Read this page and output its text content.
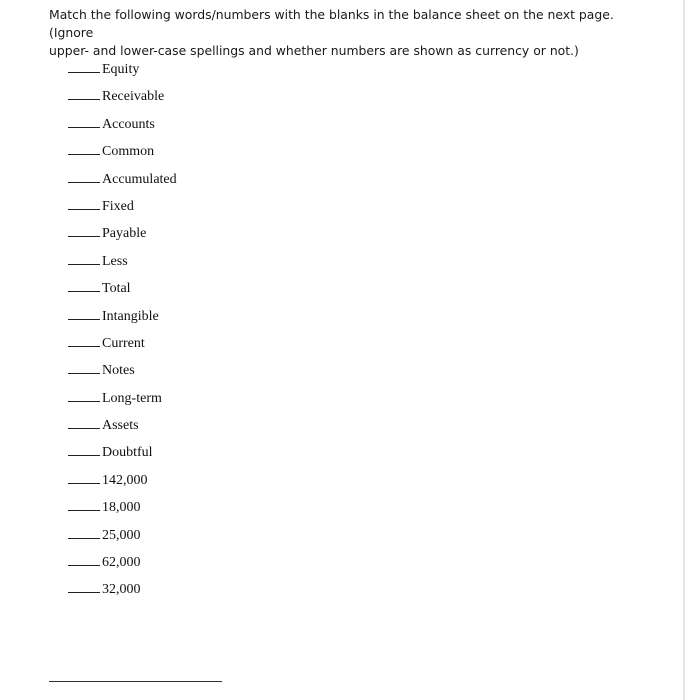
Match the following words/numbers with the blanks in the balance sheet on the next page. (Ignore
upper- and lower-case spellings and whether numbers are shown as currency or not.)

Equity
Receivable
Accounts
Common
Accumulated
Fixed
Payable
Less
Total
Intangible
Current
Notes
Long-term
Assets
Doubtful
142,000
18,000
25,000
62,000
32,000
